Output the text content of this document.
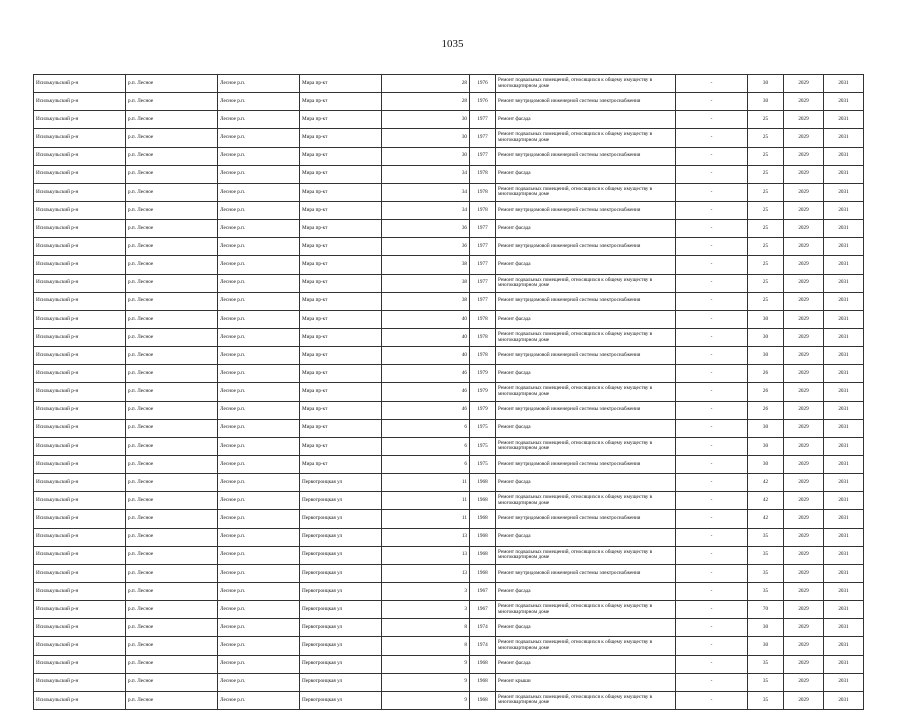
1035
Исилькульский р-н	р.п. Лесное	Лесное р.п.	Мира пр-кт	28	1976	Ремонт подвальных помещений, относящихся к общему имуществу в многоквартирном доме	-	30	2029	2031
Исилькульский р-н	р.п. Лесное	Лесное р.п.	Мира пр-кт	28	1976	Ремонт внутридомовой инженерной системы электроснабжения	-	30	2029	2031
Исилькульский р-н	р.п. Лесное	Лесное р.п.	Мира пр-кт	30	1977	Ремонт фасада	-	25	2029	2031
Исилькульский р-н	р.п. Лесное	Лесное р.п.	Мира пр-кт	30	1977	Ремонт подвальных помещений, относящихся к общему имуществу в многоквартирном доме	-	25	2029	2031
Исилькульский р-н	р.п. Лесное	Лесное р.п.	Мира пр-кт	30	1977	Ремонт внутридомовой инженерной системы электроснабжения	-	25	2029	2031
Исилькульский р-н	р.п. Лесное	Лесное р.п.	Мира пр-кт	34	1978	Ремонт фасада	-	25	2029	2031
Исилькульский р-н	р.п. Лесное	Лесное р.п.	Мира пр-кт	34	1978	Ремонт подвальных помещений, относящихся к общему имуществу в многоквартирном доме	-	25	2029	2031
Исилькульский р-н	р.п. Лесное	Лесное р.п.	Мира пр-кт	34	1978	Ремонт внутридомовой инженерной системы электроснабжения	-	25	2029	2031
Исилькульский р-н	р.п. Лесное	Лесное р.п.	Мира пр-кт	36	1977	Ремонт фасада	-	25	2029	2031
Исилькульский р-н	р.п. Лесное	Лесное р.п.	Мира пр-кт	36	1977	Ремонт внутридомовой инженерной системы электроснабжения	-	25	2029	2031
Исилькульский р-н	р.п. Лесное	Лесное р.п.	Мира пр-кт	38	1977	Ремонт фасада	-	25	2029	2031
Исилькульский р-н	р.п. Лесное	Лесное р.п.	Мира пр-кт	38	1977	Ремонт подвальных помещений, относящихся к общему имуществу в многоквартирном доме	-	25	2029	2031
Исилькульский р-н	р.п. Лесное	Лесное р.п.	Мира пр-кт	38	1977	Ремонт внутридомовой инженерной системы электроснабжения	-	25	2029	2031
Исилькульский р-н	р.п. Лесное	Лесное р.п.	Мира пр-кт	40	1978	Ремонт фасада	-	30	2029	2031
Исилькульский р-н	р.п. Лесное	Лесное р.п.	Мира пр-кт	40	1978	Ремонт подвальных помещений, относящихся к общему имуществу в многоквартирном доме	-	30	2029	2031
Исилькульский р-н	р.п. Лесное	Лесное р.п.	Мира пр-кт	40	1978	Ремонт внутридомовой инженерной системы электроснабжения	-	30	2029	2031
Исилькульский р-н	р.п. Лесное	Лесное р.п.	Мира пр-кт	46	1979	Ремонт фасада	-	26	2029	2031
Исилькульский р-н	р.п. Лесное	Лесное р.п.	Мира пр-кт	46	1979	Ремонт подвальных помещений, относящихся к общему имуществу в многоквартирном доме	-	26	2029	2031
Исилькульский р-н	р.п. Лесное	Лесное р.п.	Мира пр-кт	46	1979	Ремонт внутридомовой инженерной системы электроснабжения	-	26	2029	2031
Исилькульский р-н	р.п. Лесное	Лесное р.п.	Мира пр-кт	6	1975	Ремонт фасада	-	30	2029	2031
Исилькульский р-н	р.п. Лесное	Лесное р.п.	Мира пр-кт	6	1975	Ремонт подвальных помещений, относящихся к общему имуществу в многоквартирном доме	-	30	2029	2031
Исилькульский р-н	р.п. Лесное	Лесное р.п.	Мира пр-кт	6	1975	Ремонт внутридомовой инженерной системы электроснабжения	-	30	2029	2031
Исилькульский р-н	р.п. Лесное	Лесное р.п.	Первотроицкая ул	11	1968	Ремонт фасада	-	42	2029	2031
Исилькульский р-н	р.п. Лесное	Лесное р.п.	Первотроицкая ул	11	1968	Ремонт подвальных помещений, относящихся к общему имуществу в многоквартирном доме	-	42	2029	2031
Исилькульский р-н	р.п. Лесное	Лесное р.п.	Первотроицкая ул	11	1968	Ремонт внутридомовой инженерной системы электроснабжения	-	42	2029	2031
Исилькульский р-н	р.п. Лесное	Лесное р.п.	Первотроицкая ул	13	1968	Ремонт фасада	-	35	2029	2031
Исилькульский р-н	р.п. Лесное	Лесное р.п.	Первотроицкая ул	13	1968	Ремонт подвальных помещений, относящихся к общему имуществу в многоквартирном доме	-	35	2029	2031
Исилькульский р-н	р.п. Лесное	Лесное р.п.	Первотроицкая ул	13	1968	Ремонт внутридомовой инженерной системы электроснабжения	-	35	2029	2031
Исилькульский р-н	р.п. Лесное	Лесное р.п.	Первотроицкая ул	3	1967	Ремонт фасада	-	35	2029	2031
Исилькульский р-н	р.п. Лесное	Лесное р.п.	Первотроицкая ул	3	1967	Ремонт подвальных помещений, относящихся к общему имуществу в многоквартирном доме	-	70	2029	2031
Исилькульский р-н	р.п. Лесное	Лесное р.п.	Первотроицкая ул	8	1974	Ремонт фасада	-	30	2029	2031
Исилькульский р-н	р.п. Лесное	Лесное р.п.	Первотроицкая ул	8	1974	Ремонт подвальных помещений, относящихся к общему имуществу в многоквартирном доме	-	30	2029	2031
Исилькульский р-н	р.п. Лесное	Лесное р.п.	Первотроицкая ул	9	1968	Ремонт фасада	-	35	2029	2031
Исилькульский р-н	р.п. Лесное	Лесное р.п.	Первотроицкая ул	9	1968	Ремонт крыши	-	35	2029	2031
Исилькульский р-н	р.п. Лесное	Лесное р.п.	Первотроицкая ул	9	1968	Ремонт подвальных помещений, относящихся к общему имуществу в многоквартирном доме	-	35	2029	2031
